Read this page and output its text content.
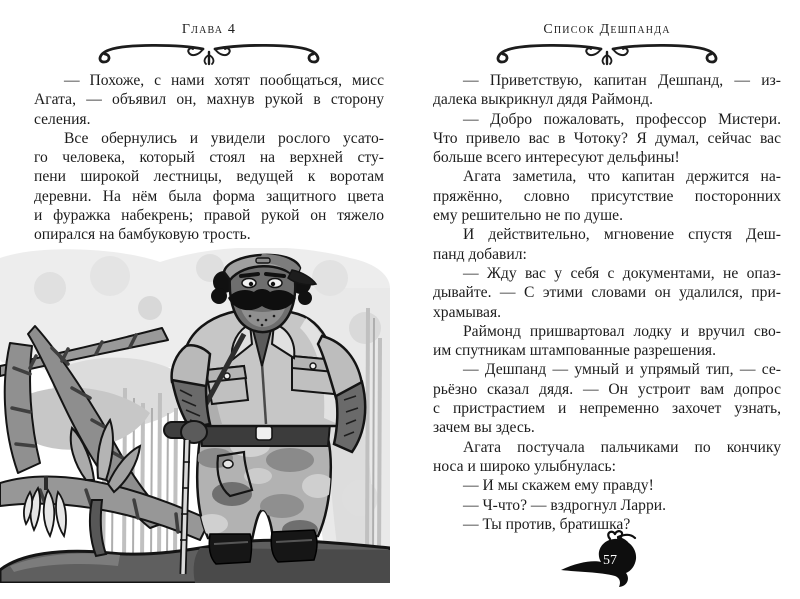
Глава 4
— Похоже, с нами хотят пообщаться, мисс
Агата, — объявил он, махнув рукой в сторону
селения.
Все обернулись и увидели рослого усато-
го человека, который стоял на верхней сту-
пени широкой лестницы, ведущей к воротам
деревни. На нём была форма защитного цвета
и фуражка набекрень; правой рукой он тяжело
опирался на бамбуковую трость.
Список Дешпанда
— Приветствую, капитан Дешпанд, — из-
далека выкрикнул дядя Раймонд.
— Добро пожаловать, профессор Мистери.
Что привело вас в Чотоку? Я думал, сейчас вас
больше всего интересуют дельфины!
Агата заметила, что капитан держится на-
пряжённо, словно присутствие посторонних
ему решительно не по душе.
И действительно, мгновение спустя Деш-
панд добавил:
— Жду вас у себя с документами, не опаз-
дывайте. — С этими словами он удалился, при-
храмывая.
Раймонд пришвартовал лодку и вручил сво-
им спутникам штампованные разрешения.
— Дешпанд — умный и упрямый тип, — се-
рьёзно сказал дядя. — Он устроит вам допрос
с пристрастием и непременно захочет узнать,
зачем вы здесь.
Агата постучала пальчиками по кончику
носа и широко улыбнулась:
— И мы скажем ему правду!
— Ч-что? — вздрогнул Ларри.
— Ты против, братишка?
57
